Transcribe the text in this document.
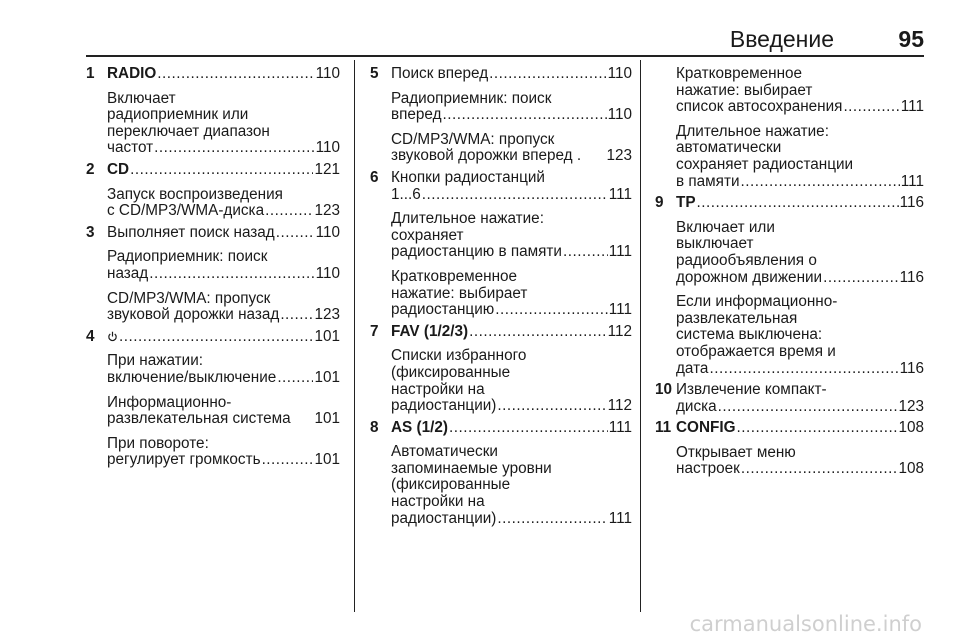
Введение	95
1 RADIO .....	110
Включает
радиоприемник или
переключает диапазон
частот .....	110
2 CD .....	121
Запуск воспроизведения
с CD/MP3/WMA-диска .....	123
3 Выполняет поиск назад .....	110
Радиоприемник: поиск
назад .....	110
CD/MP3/WMA: пропуск
звуковой дорожки назад ..... 123
4 .....	101
При нажатии:
включение/выключение ..... 101
Информационно-
развлекательная система 101
При повороте:
регулирует громкость .....	101
5 Поиск вперед .....	110
Радиоприемник: поиск
вперед .....	110
CD/MP3/WMA: пропуск
звуковой дорожки вперед . 123
6 Кнопки радиостанций
1...6 .....	111
Длительное нажатие:
сохраняет
радиостанцию в памяти .....	111
Кратковременное
нажатие: выбирает
радиостанцию .....	111
7 FAV (1/2/3) .....	112
Списки избранного
(фиксированные
настройки на
радиостанции) .....	112
8 AS (1/2) .....	111
Автоматически
запоминаемые уровни
(фиксированные
настройки на
радиостанции) .....	111
Кратковременное
нажатие: выбирает
список автосохранения .....	111
Длительное нажатие:
автоматически
сохраняет радиостанции
в памяти .....	111
9 TP .....	116
Включает или
выключает
радиообъявления о
дорожном движении .....	116
Если информационно-
развлекательная
система выключена:
отображается время и
дата .....	116
10 Извлечение компакт-
диска .....	123
11 CONFIG .....	108
Открывает меню
настроек .....	108
carmanualsonline.info
